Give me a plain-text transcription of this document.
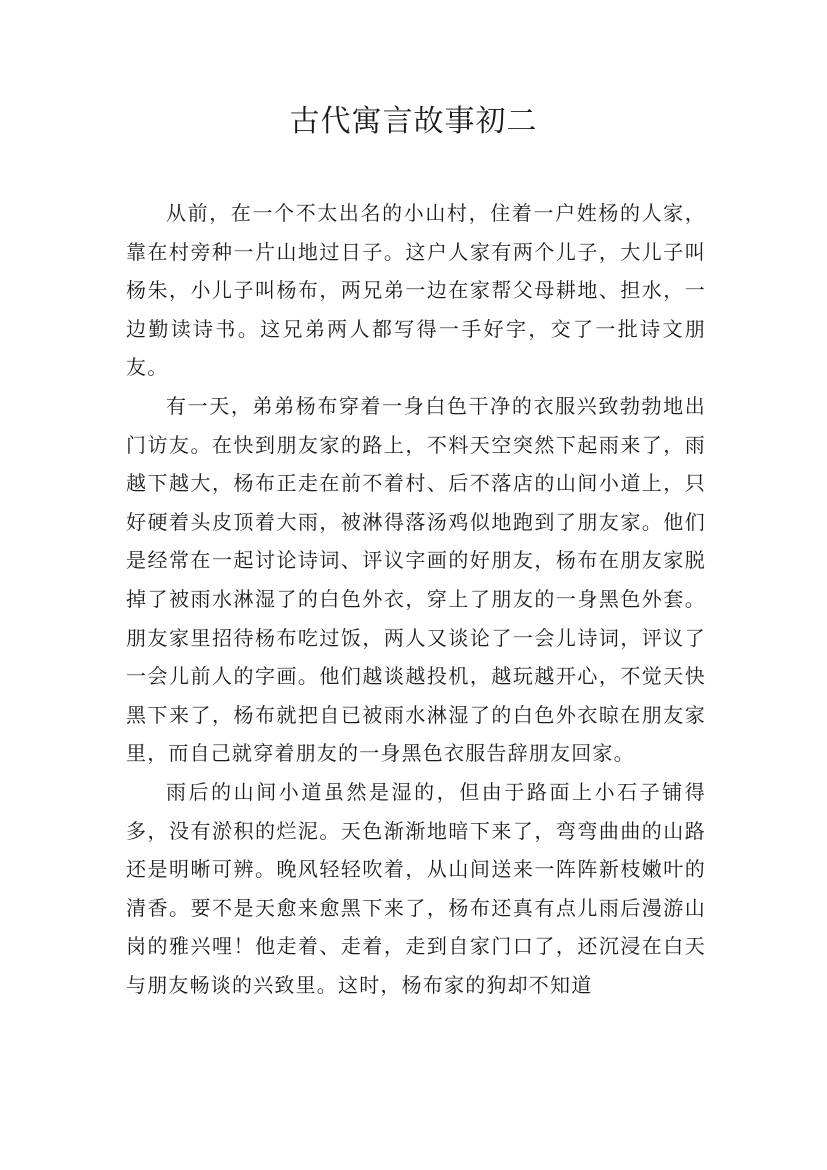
古代寓言故事初二

从前，在一个不太出名的小山村，住着一户姓杨的人家，靠在村旁种一片山地过日子。这户人家有两个儿子，大儿子叫杨朱，小儿子叫杨布，两兄弟一边在家帮父母耕地、担水，一边勤读诗书。这兄弟两人都写得一手好字，交了一批诗文朋友。

有一天，弟弟杨布穿着一身白色干净的衣服兴致勃勃地出门访友。在快到朋友家的路上，不料天空突然下起雨来了，雨越下越大，杨布正走在前不着村、后不落店的山间小道上，只好硬着头皮顶着大雨，被淋得落汤鸡似地跑到了朋友家。他们是经常在一起讨论诗词、评议字画的好朋友，杨布在朋友家脱掉了被雨水淋湿了的白色外衣，穿上了朋友的一身黑色外套。朋友家里招待杨布吃过饭，两人又谈论了一会儿诗词，评议了一会儿前人的字画。他们越谈越投机，越玩越开心，不觉天快黑下来了，杨布就把自已被雨水淋湿了的白色外衣晾在朋友家里，而自己就穿着朋友的一身黑色衣服告辞朋友回家。

雨后的山间小道虽然是湿的，但由于路面上小石子铺得多，没有淤积的烂泥。天色渐渐地暗下来了，弯弯曲曲的山路还是明晰可辨。晚风轻轻吹着，从山间送来一阵阵新枝嫩叶的清香。要不是天愈来愈黑下来了，杨布还真有点儿雨后漫游山岗的雅兴哩！他走着、走着，走到自家门口了，还沉浸在白天与朋友畅谈的兴致里。这时，杨布家的狗却不知道
